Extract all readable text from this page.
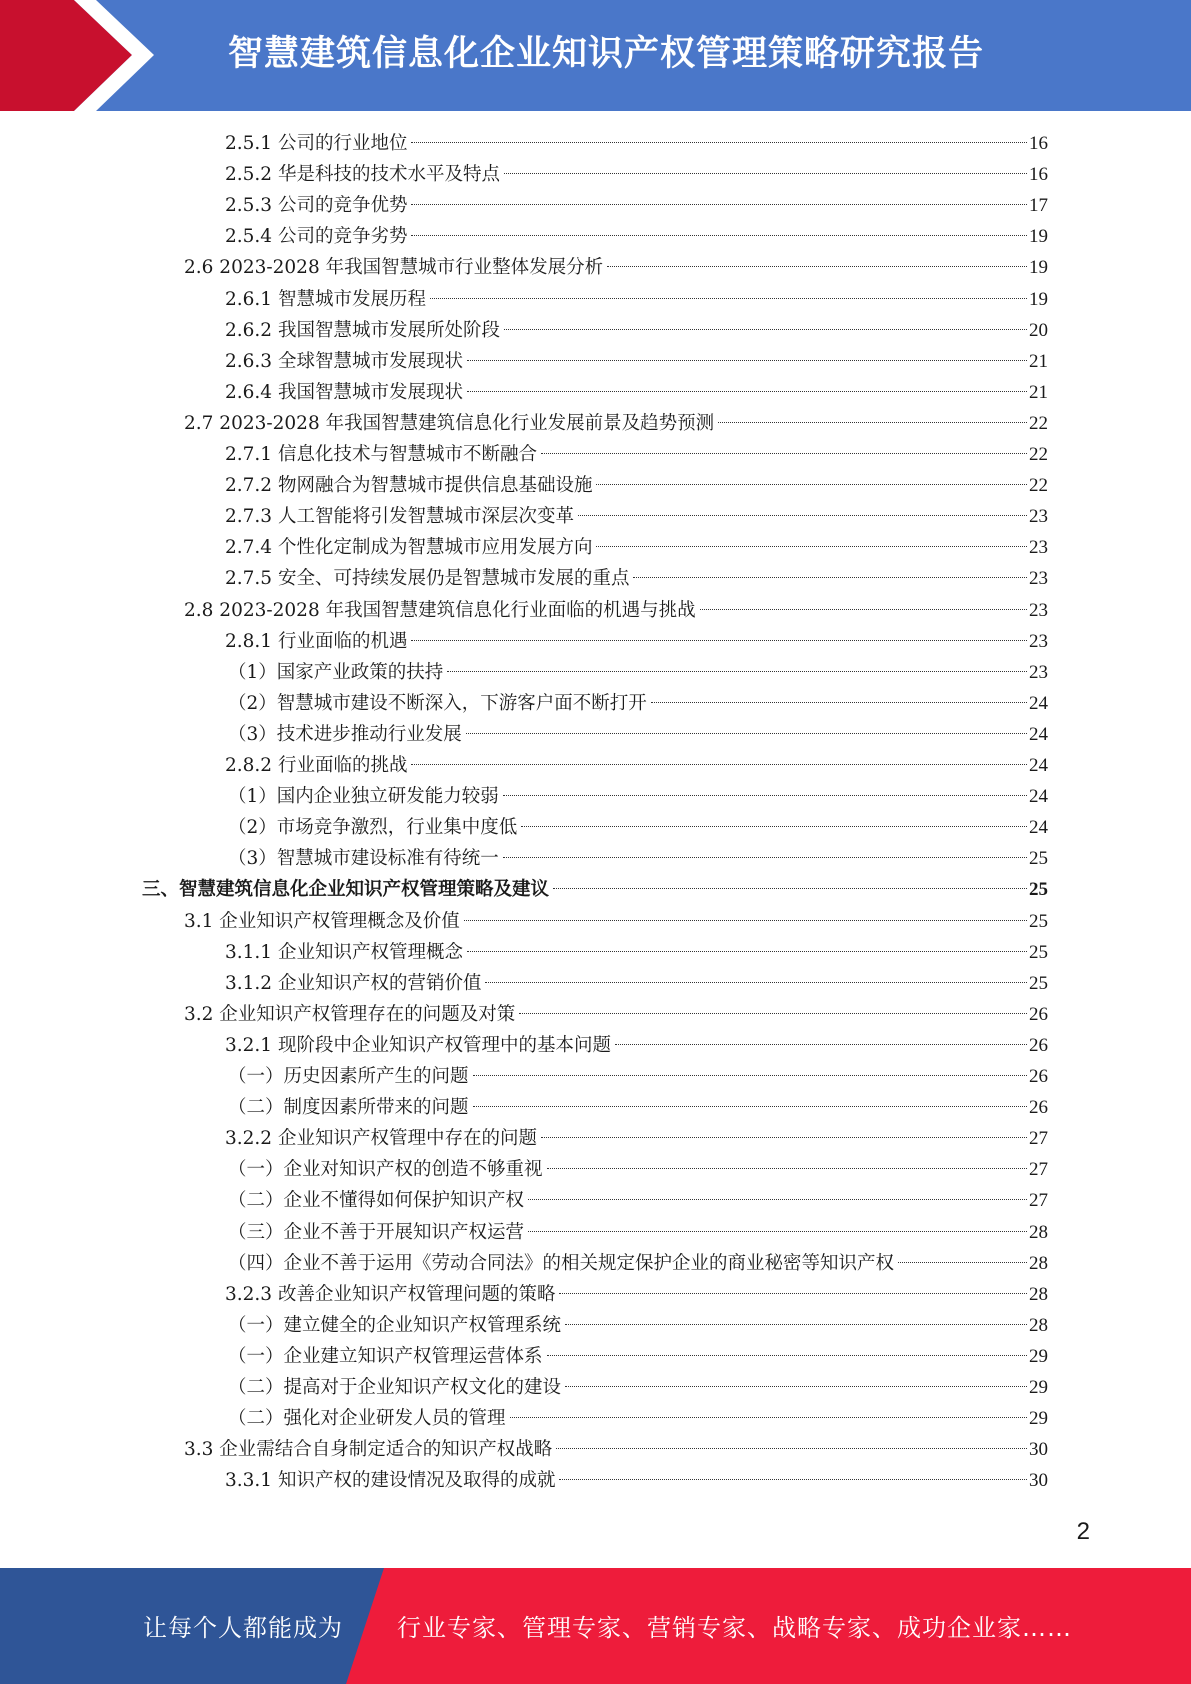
智慧建筑信息化企业知识产权管理策略研究报告
2.5.1 公司的行业地位	16
2.5.2 华是科技的技术水平及特点	16
2.5.3 公司的竞争优势	17
2.5.4 公司的竞争劣势	19
2.6 2023-2028 年我国智慧城市行业整体发展分析	19
2.6.1 智慧城市发展历程	19
2.6.2 我国智慧城市发展所处阶段	20
2.6.3 全球智慧城市发展现状	21
2.6.4 我国智慧城市发展现状	21
2.7 2023-2028 年我国智慧建筑信息化行业发展前景及趋势预测	22
2.7.1 信息化技术与智慧城市不断融合	22
2.7.2 物网融合为智慧城市提供信息基础设施	22
2.7.3 人工智能将引发智慧城市深层次变革	23
2.7.4 个性化定制成为智慧城市应用发展方向	23
2.7.5 安全、可持续发展仍是智慧城市发展的重点	23
2.8 2023-2028 年我国智慧建筑信息化行业面临的机遇与挑战	23
2.8.1 行业面临的机遇	23
（1）国家产业政策的扶持	23
（2）智慧城市建设不断深入，下游客户面不断打开	24
（3）技术进步推动行业发展	24
2.8.2 行业面临的挑战	24
（1）国内企业独立研发能力较弱	24
（2）市场竞争激烈，行业集中度低	24
（3）智慧城市建设标准有待统一	25
三、智慧建筑信息化企业知识产权管理策略及建议	25
3.1 企业知识产权管理概念及价值	25
3.1.1 企业知识产权管理概念	25
3.1.2 企业知识产权的营销价值	25
3.2 企业知识产权管理存在的问题及对策	26
3.2.1 现阶段中企业知识产权管理中的基本问题	26
（一）历史因素所产生的问题	26
（二）制度因素所带来的问题	26
3.2.2 企业知识产权管理中存在的问题	27
（一）企业对知识产权的创造不够重视	27
（二）企业不懂得如何保护知识产权	27
（三）企业不善于开展知识产权运营	28
（四）企业不善于运用《劳动合同法》的相关规定保护企业的商业秘密等知识产权	28
3.2.3 改善企业知识产权管理问题的策略	28
（一）建立健全的企业知识产权管理系统	28
（一）企业建立知识产权管理运营体系	29
（二）提高对于企业知识产权文化的建设	29
（二）强化对企业研发人员的管理	29
3.3 企业需结合自身制定适合的知识产权战略	30
3.3.1 知识产权的建设情况及取得的成就	30
2
让每个人都能成为 行业专家、管理专家、营销专家、战略专家、成功企业家……
